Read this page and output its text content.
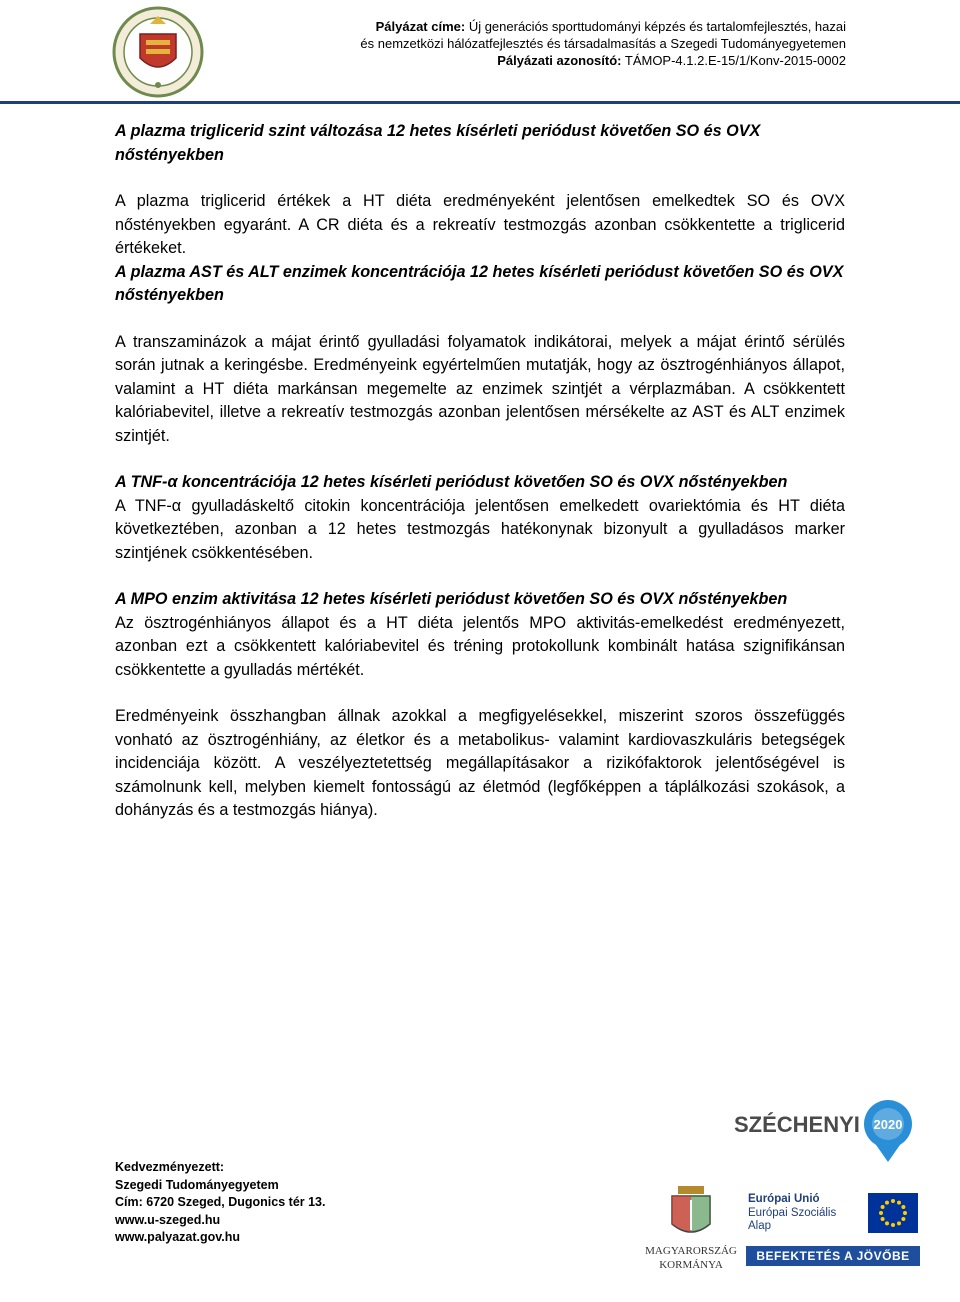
Pályázat címe: Új generációs sporttudományi képzés és tartalomfejlesztés, hazai
és nemzetközi hálózatfejlesztés és társadalmasítás a Szegedi Tudományegyetemen
Pályázati azonosító: TÁMOP-4.1.2.E-15/1/Konv-2015-0002

A plazma triglicerid szint változása 12 hetes kísérleti periódust követően SO és OVX nőstényekben

A plazma triglicerid értékek a HT diéta eredményeként jelentősen emelkedtek SO és OVX nőstényekben egyaránt. A CR diéta és a rekreatív testmozgás azonban csökkentette a triglicerid értékeket.

A plazma AST és ALT enzimek koncentrációja 12 hetes kísérleti periódust követően SO és OVX nőstényekben

A transzaminázok a májat érintő gyulladási folyamatok indikátorai, melyek a májat érintő sérülés során jutnak a keringésbe. Eredményeink egyértelműen mutatják, hogy az ösztrogénhiányos állapot, valamint a HT diéta markánsan megemelte az enzimek szintjét a vérplazmában. A csökkentett kalóriabevitel, illetve a rekreatív testmozgás azonban jelentősen mérsékelte az AST és ALT enzimek szintjét.

A TNF-α koncentrációja 12 hetes kísérleti periódust követően SO és OVX nőstényekben

A TNF-α gyulladáskeltő citokin koncentrációja jelentősen emelkedett ovariektómia és HT diéta következtében, azonban a 12 hetes testmozgás hatékonynak bizonyult a gyulladásos marker szintjének csökkentésében.

A MPO enzim aktivitása 12 hetes kísérleti periódust követően SO és OVX nőstényekben

Az ösztrogénhiányos állapot és a HT diéta jelentős MPO aktivitás-emelkedést eredményezett, azonban ezt a csökkentett kalóriabevitel és tréning protokollunk kombinált hatása szignifikánsan csökkentette a gyulladás mértékét.

Eredményeink összhangban állnak azokkal a megfigyelésekkel, miszerint szoros összefüggés vonható az ösztrogénhiány, az életkor és a metabolikus- valamint kardiovaszkuláris betegségek incidenciája között. A veszélyeztetettség megállapításakor a rizikófaktorok jelentőségével is számolnunk kell, melyben kiemelt fontosságú az életmód (legfőképpen a táplálkozási szokások, a dohányzás és a testmozgás hiánya).

Kedvezményezett:
Szegedi Tudományegyetem
Cím: 6720 Szeged, Dugonics tér 13.
www.u-szeged.hu
www.palyazat.gov.hu
SZÉCHENYI 2020
MAGYARORSZÁG
KORMÁNYA
Európai Unió
Európai Szociális
Alap
BEFEKTETÉS A JÖVŐBE
